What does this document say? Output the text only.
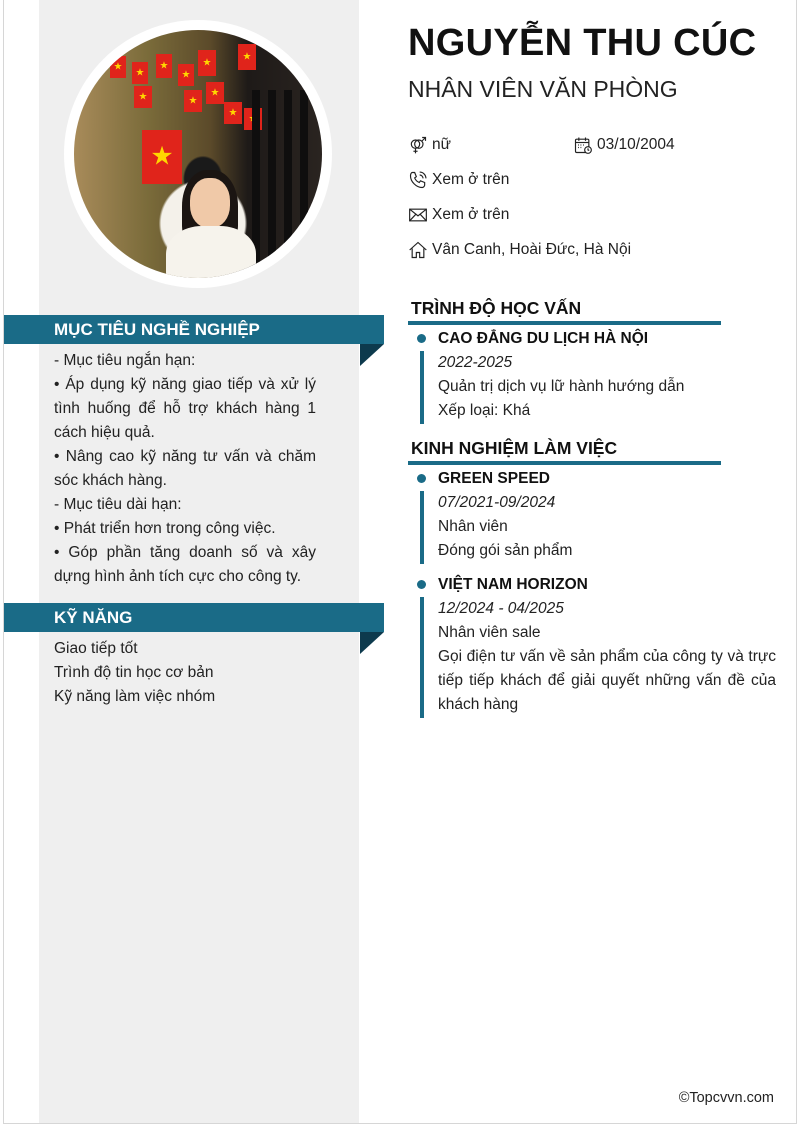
★
★
★
★
★
★
★
★
★
★
★
★
MỤC TIÊU NGHỀ NGHIỆP

- Mục tiêu ngắn hạn:

• Áp dụng kỹ năng giao tiếp và xử lý tình huống để hỗ trợ khách hàng 1 cách hiệu quả.

• Nâng cao kỹ năng tư vấn và chăm sóc khách hàng.

- Mục tiêu dài hạn:

• Phát triển hơn trong công việc.

• Góp phần tăng doanh số và xây dựng hình ảnh tích cực cho công ty.

KỸ NĂNG

Giao tiếp tốt

Trình độ tin học cơ bản

Kỹ năng làm việc nhóm

NGUYỄN THU CÚC
NHÂN VIÊN VĂN PHÒNG
nữ	03/10/2004
Xem ở trên
Xem ở trên
Vân Canh, Hoài Đức, Hà Nội
TRÌNH ĐỘ HỌC VẤN
CAO ĐẲNG DU LỊCH HÀ NỘI
2022-2025
Quản trị dịch vụ lữ hành hướng dẫn
Xếp loại: Khá
KINH NGHIỆM LÀM VIỆC
GREEN SPEED
07/2021-09/2024
Nhân viên
Đóng gói sản phẩm
VIỆT NAM HORIZON
12/2024 - 04/2025
Nhân viên sale
Gọi điện tư vấn về sản phẩm của công ty và trực tiếp tiếp khách để giải quyết những vấn đề của khách hàng
©Topcvvn.com
